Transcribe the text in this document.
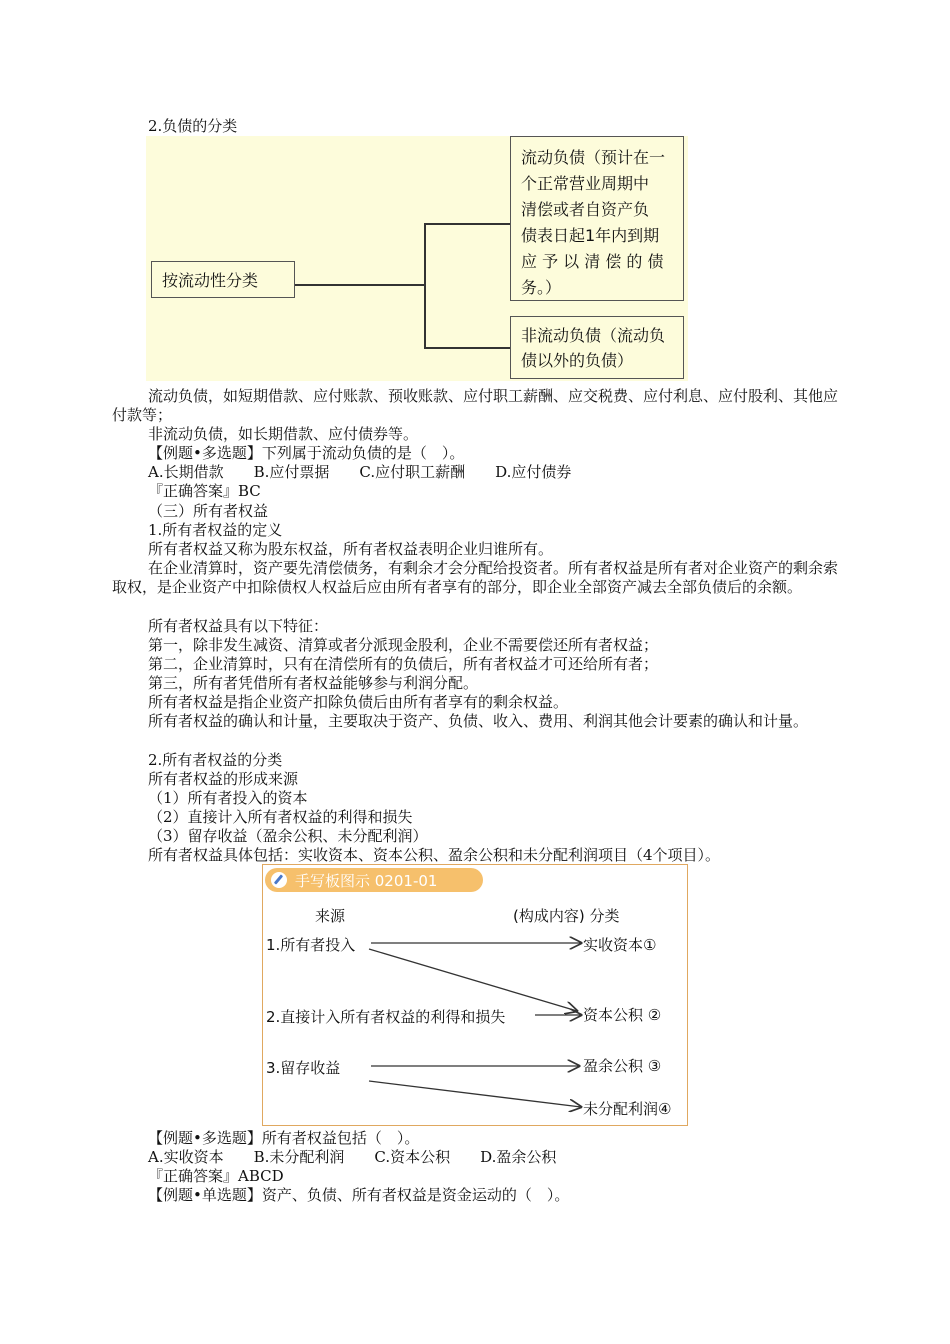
2.负债的分类
按流动性分类
流动负债（预计在一
个正常营业周期中
清偿或者自资产负
债表日起1年内到期
应 予 以 清 偿 的 债
务。）
非流动负债（流动负
债以外的负债）
流动负债，如短期借款、应付账款、预收账款、应付职工薪酬、应交税费、应付利息、应付股利、其他应付款等；
非流动负债，如长期借款、应付债券等。
【例题•多选题】下列属于流动负债的是（　）。
A.长期借款　　B.应付票据　　C.应付职工薪酬　　D.应付债券
『正确答案』BC
（三）所有者权益
1.所有者权益的定义
所有者权益又称为股东权益，所有者权益表明企业归谁所有。
在企业清算时，资产要先清偿债务，有剩余才会分配给投资者。所有者权益是所有者对企业资产的剩余索取权，是企业资产中扣除债权人权益后应由所有者享有的部分，即企业全部资产减去全部负债后的余额。
所有者权益具有以下特征：
第一，除非发生减资、清算或者分派现金股利，企业不需要偿还所有者权益；
第二，企业清算时，只有在清偿所有的负债后，所有者权益才可还给所有者；
第三，所有者凭借所有者权益能够参与利润分配。
所有者权益是指企业资产扣除负债后由所有者享有的剩余权益。
所有者权益的确认和计量，主要取决于资产、负债、收入、费用、利润其他会计要素的确认和计量。
2.所有者权益的分类
所有者权益的形成来源
（1）所有者投入的资本
（2）直接计入所有者权益的利得和损失
（3）留存收益（盈余公积、未分配利润）
所有者权益具体包括：实收资本、资本公积、盈余公积和未分配利润项目（4个项目）。
手写板图示 0201-01
来源	(构成内容) 分类
1.所有者投入
2.直接计入所有者权益的利得和损失
3.留存收益
实收资本①
资本公积 ②
盈余公积 ③
未分配利润④
【例题•多选题】所有者权益包括（　）。
A.实收资本　　B.未分配利润　　C.资本公积　　D.盈余公积
『正确答案』ABCD
【例题•单选题】资产、负债、所有者权益是资金运动的（　）。
